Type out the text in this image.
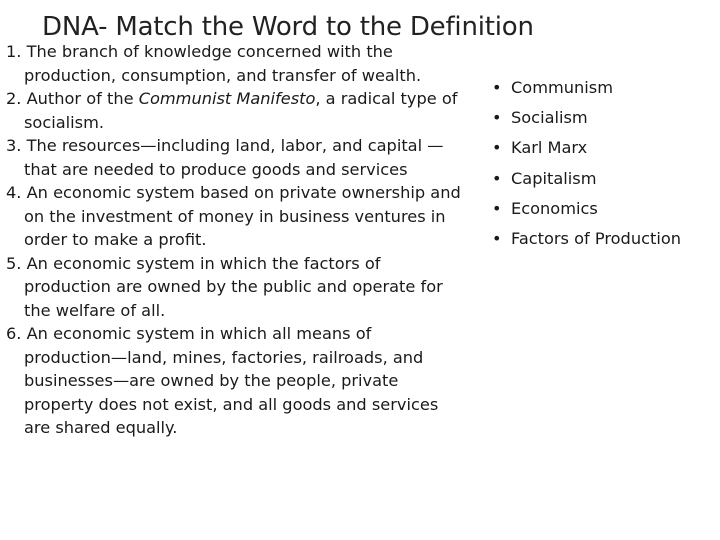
DNA- Match the Word to the Definition
1. The branch of knowledge concerned with the production, consumption, and transfer of wealth.
2. Author of the Communist Manifesto, a radical type of socialism.
3. The resources—including land, labor, and capital —that are needed to produce goods and services
4. An economic system based on private ownership and on the investment of money in business ventures in order to make a profit.
5. An economic system in which the factors of production are owned by the public and operate for the welfare of all.
6. An economic system in which all means of production—land, mines, factories, railroads, and businesses—are owned by the people, private property does not exist, and all goods and services are shared equally.
• Communism
• Socialism
• Karl Marx
• Capitalism
• Economics
• Factors of Production
